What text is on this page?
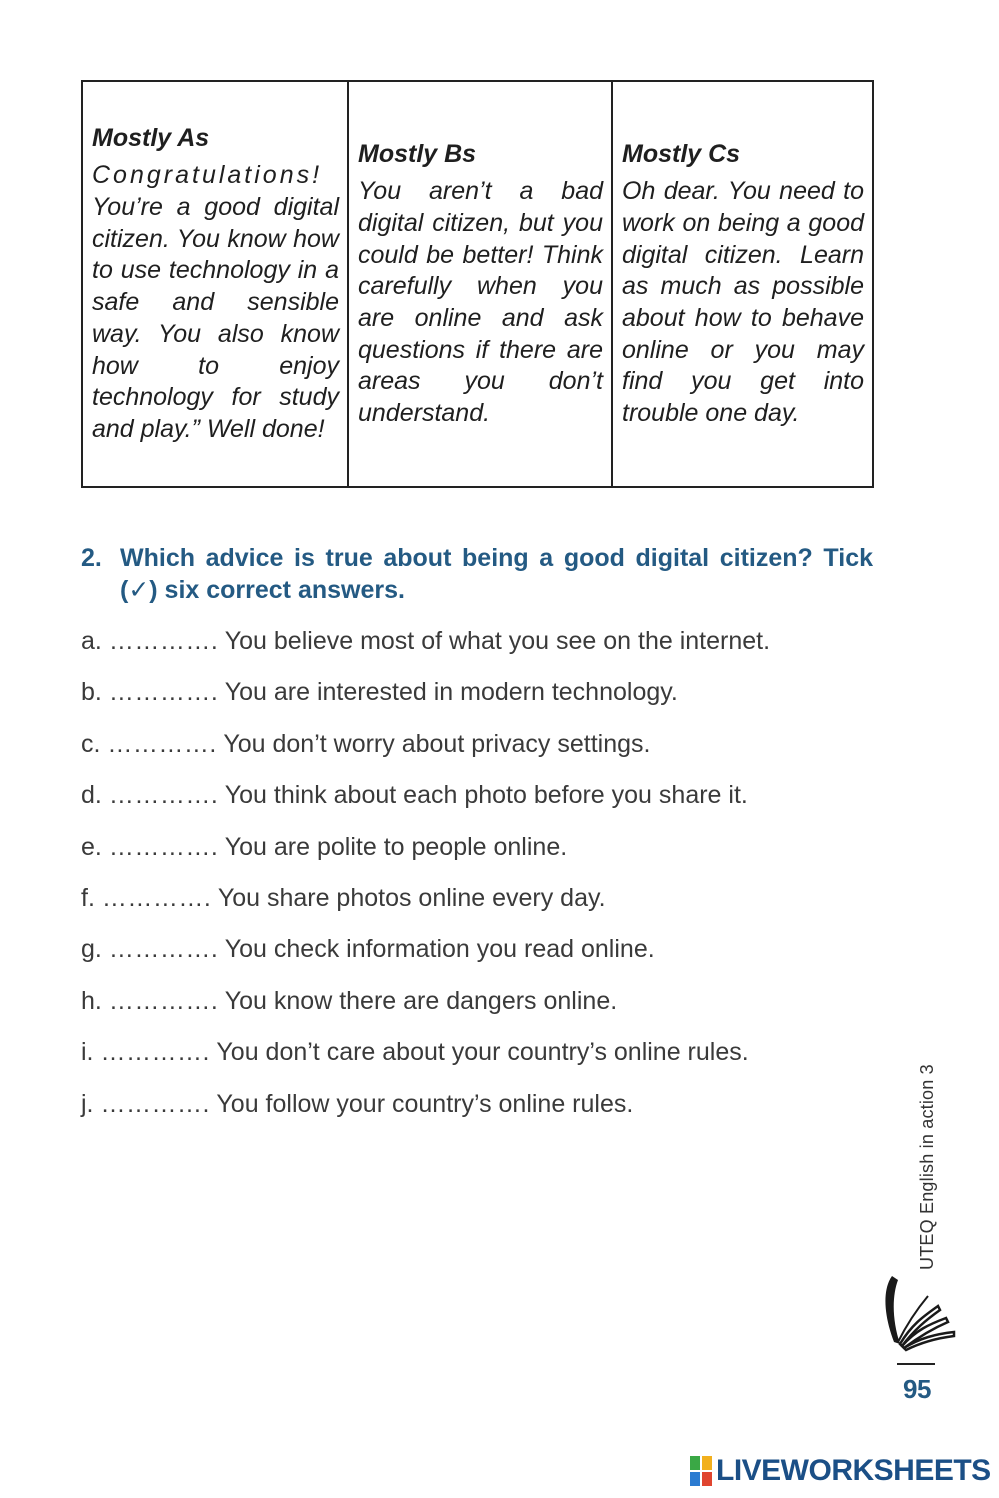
Mostly As

Congratulations! You’re a good digital citizen. You know how to use technology in a safe and sensible way. You also know how to enjoy technology for study and play.” Well done!

Mostly Bs

You aren’t a bad digital citizen, but you could be better! Think carefully when you are online and ask questions if there are areas you don’t understand.

Mostly Cs

Oh dear. You need to work on being a good digital citizen. Learn as much as possible about how to behave online or you may find you get into trouble one day.

2. Which advice is true about being a good digital citizen? Tick (✓) six correct answers.
a. …………. You believe most of what you see on the internet.
b. …………. You are interested in modern technology.
c. …………. You don’t worry about privacy settings.
d. …………. You think about each photo before you share it.
e. …………. You are polite to people online.
f. …………. You share photos online every day.
g. …………. You check information you read online.
h. …………. You know there are dangers online.
i. …………. You don’t care about your country’s online rules.
j. …………. You follow your country’s online rules.	UTEQ English in action 3
95
LIVEWORKSHEETS
